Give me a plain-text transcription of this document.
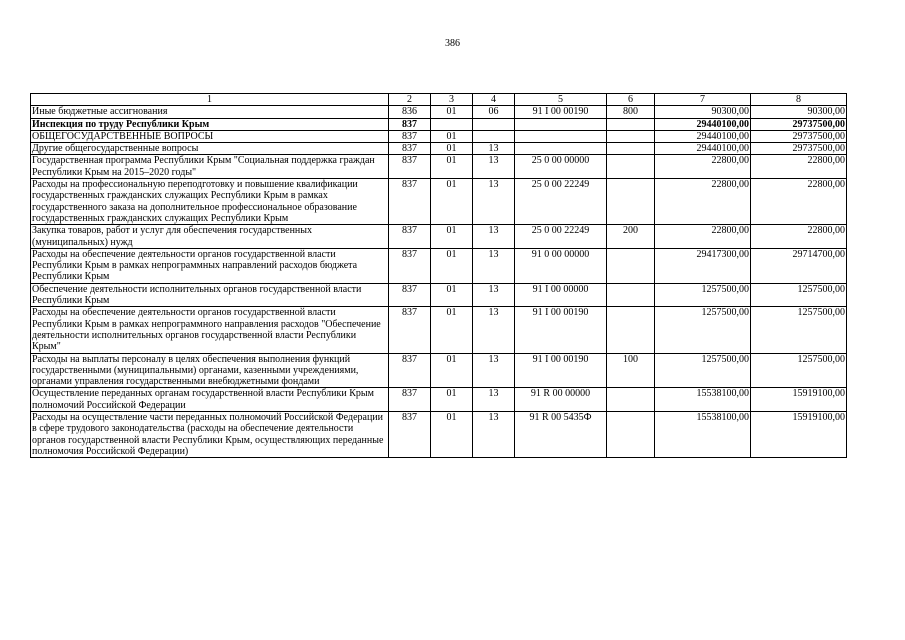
386
1	2	3	4	5	6	7	8
Иные бюджетные ассигнования	836	01	06	91 I 00 00190	800	90300,00	90300,00
Инспекция по труду Республики Крым	837					29440100,00	29737500,00
ОБЩЕГОСУДАРСТВЕННЫЕ ВОПРОСЫ	837	01				29440100,00	29737500,00
Другие общегосударственные вопросы	837	01	13			29440100,00	29737500,00
Государственная программа Республики Крым "Социальная поддержка граждан Республики Крым на 2015–2020 годы"	837	01	13	25 0 00 00000		22800,00	22800,00
Расходы на профессиональную переподготовку и повышение квалификации государственных гражданских служащих Республики Крым в рамках государственного заказа на дополнительное профессиональное образование государственных гражданских служащих Республики Крым	837	01	13	25 0 00 22249		22800,00	22800,00
Закупка товаров, работ и услуг для обеспечения государственных (муниципальных) нужд	837	01	13	25 0 00 22249	200	22800,00	22800,00
Расходы на обеспечение деятельности органов государственной власти Республики Крым в рамках непрограммных направлений расходов бюджета Республики Крым	837	01	13	91 0 00 00000		29417300,00	29714700,00
Обеспечение деятельности исполнительных органов государственной власти Республики Крым	837	01	13	91 I 00 00000		1257500,00	1257500,00
Расходы на обеспечение деятельности органов государственной власти Республики Крым в рамках непрограммного направления расходов "Обеспечение деятельности исполнительных органов государственной власти Республики Крым"	837	01	13	91 I 00 00190		1257500,00	1257500,00
Расходы на выплаты персоналу в целях обеспечения выполнения функций государственными (муниципальными) органами, казенными учреждениями, органами управления государственными внебюджетными фондами	837	01	13	91 I 00 00190	100	1257500,00	1257500,00
Осуществление переданных органам государственной власти Республики Крым полномочий Российской Федерации	837	01	13	91 R 00 00000		15538100,00	15919100,00
Расходы на осуществление части переданных полномочий Российской Федерации в сфере трудового законодательства (расходы на обеспечение деятельности органов государственной власти Республики Крым, осуществляющих переданные полномочия Российской Федерации)	837	01	13	91 R 00 5435Ф		15538100,00	15919100,00
